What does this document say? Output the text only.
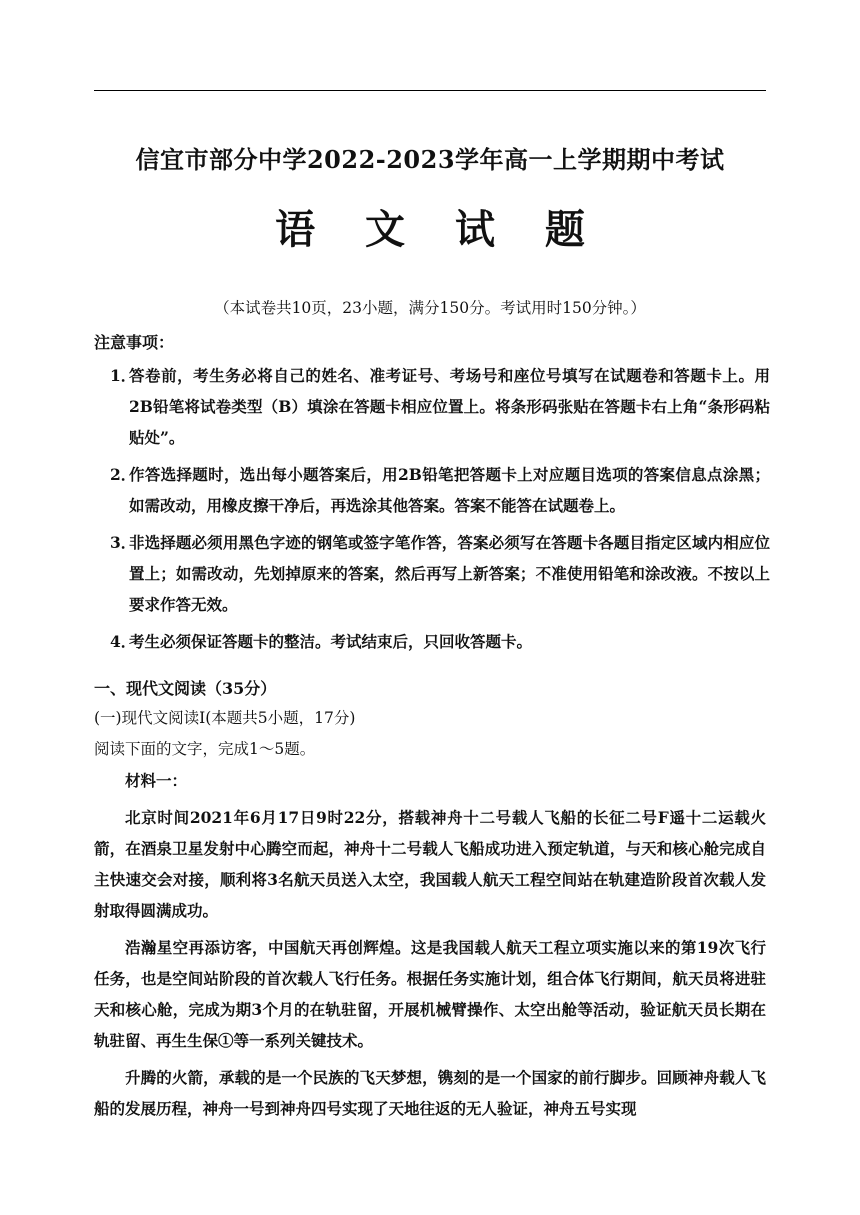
信宜市部分中学2022-2023学年高一上学期期中考试
语 文 试 题
（本试卷共10页，23小题，满分150分。考试用时150分钟。）
注意事项：
1．
答卷前，考生务必将自己的姓名、准考证号、考场号和座位号填写在试题卷和答题卡上。用2B铅笔将试卷类型（B）填涂在答题卡相应位置上。将条形码张贴在答题卡右上角“条形码粘贴处”。
2．
作答选择题时，选出每小题答案后，用2B铅笔把答题卡上对应题目选项的答案信息点涂黑；如需改动，用橡皮擦干净后，再选涂其他答案。答案不能答在试题卷上。
3．
非选择题必须用黑色字迹的钢笔或签字笔作答，答案必须写在答题卡各题目指定区域内相应位置上；如需改动，先划掉原来的答案，然后再写上新答案；不准使用铅笔和涂改液。不按以上要求作答无效。
4．
考生必须保证答题卡的整洁。考试结束后，只回收答题卡。
一、现代文阅读（35分）
(一)现代文阅读Ⅰ(本题共5小题，17分)
阅读下面的文字，完成1～5题。
材料一：

北京时间2021年6月17日9时22分，搭载神舟十二号载人飞船的长征二号F遥十二运载火箭，在酒泉卫星发射中心腾空而起，神舟十二号载人飞船成功进入预定轨道，与天和核心舱完成自主快速交会对接，顺利将3名航天员送入太空，我国载人航天工程空间站在轨建造阶段首次载人发射取得圆满成功。

浩瀚星空再添访客，中国航天再创辉煌。这是我国载人航天工程立项实施以来的第19次飞行任务，也是空间站阶段的首次载人飞行任务。根据任务实施计划，组合体飞行期间，航天员将进驻天和核心舱，完成为期3个月的在轨驻留，开展机械臂操作、太空出舱等活动，验证航天员长期在轨驻留、再生生保①等一系列关键技术。

升腾的火箭，承载的是一个民族的飞天梦想，镌刻的是一个国家的前行脚步。回顾神舟载人飞船的发展历程，神舟一号到神舟四号实现了天地往返的无人验证，神舟五号实现
